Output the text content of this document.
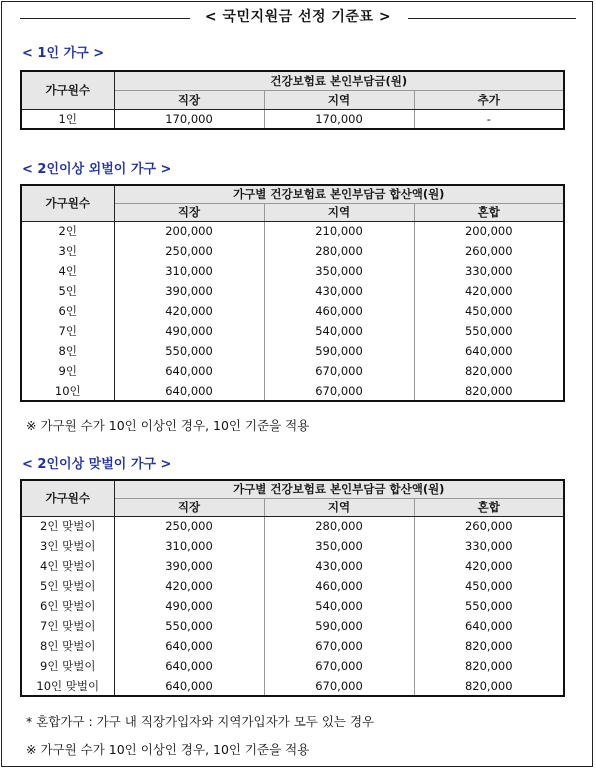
< 국민지원금 선정 기준표 >
< 1인 가구 >
가구원수	건강보험료 본인부담금(원)		
	직장	지역	추가
1인	170,000	170,000	-
< 2인이상 외벌이 가구 >
가구원수	가구별 건강보험료 본인부담금 합산액(원)		
	직장	지역	혼합
2인	200,000	210,000	200,000
3인	250,000	280,000	260,000
4인	310,000	350,000	330,000
5인	390,000	430,000	420,000
6인	420,000	460,000	450,000
7인	490,000	540,000	550,000
8인	550,000	590,000	640,000
9인	640,000	670,000	820,000
10인	640,000	670,000	820,000
※ 가구원 수가 10인 이상인 경우, 10인 기준을 적용
< 2인이상 맞벌이 가구 >
가구원수	가구별 건강보험료 본인부담금 합산액(원)		
	직장	지역	혼합
2인 맞벌이	250,000	280,000	260,000
3인 맞벌이	310,000	350,000	330,000
4인 맞벌이	390,000	430,000	420,000
5인 맞벌이	420,000	460,000	450,000
6인 맞벌이	490,000	540,000	550,000
7인 맞벌이	550,000	590,000	640,000
8인 맞벌이	640,000	670,000	820,000
9인 맞벌이	640,000	670,000	820,000
10인 맞벌이	640,000	670,000	820,000
* 혼합가구 : 가구 내 직장가입자와 지역가입자가 모두 있는 경우
※ 가구원 수가 10인 이상인 경우, 10인 기준을 적용
